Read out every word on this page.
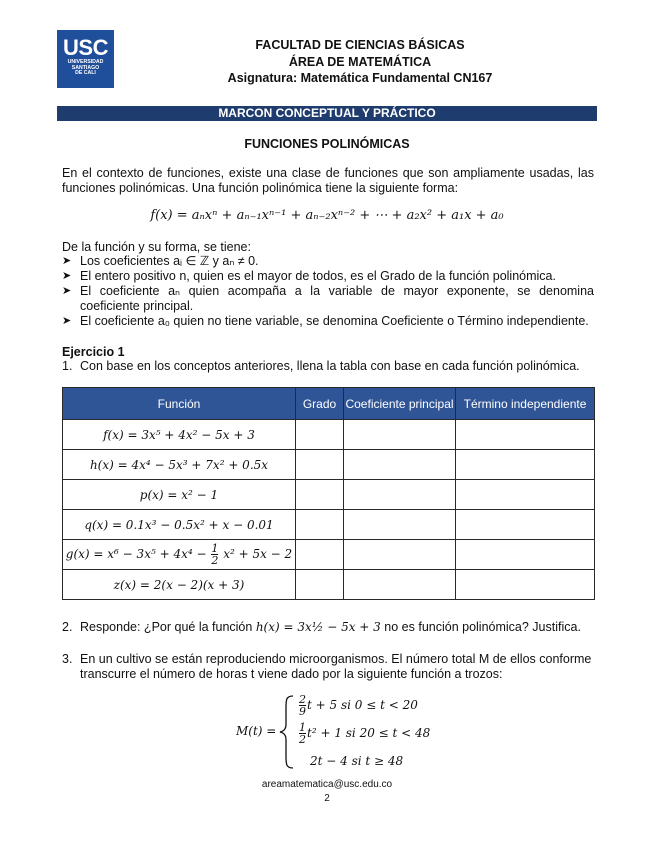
USC
UNIVERSIDAD
SANTIAGO
DE CALI
FACULTAD DE CIENCIAS BÁSICAS
ÁREA DE MATEMÁTICA
Asignatura: Matemática Fundamental CN167
MARCON CONCEPTUAL Y PRÁCTICO
FUNCIONES POLINÓMICAS
En el contexto de funciones, existe una clase de funciones que son ampliamente usadas, las funciones polinómicas. Una función polinómica tiene la siguiente forma:
f(x) = aₙxⁿ + aₙ₋₁xⁿ⁻¹ + aₙ₋₂xⁿ⁻² + ⋯ + a₂x² + a₁x + a₀
De la función y su forma, se tiene:
➤ Los coeficientes aᵢ ∈ ℤ y aₙ ≠ 0.
➤ El entero positivo n, quien es el mayor de todos, es el Grado de la función polinómica.
➤ El coeficiente aₙ quien acompaña a la variable de mayor exponente, se denomina coeficiente principal.
➤ El coeficiente a₀ quien no tiene variable, se denomina Coeficiente o Término independiente.
Ejercicio 1
1. Con base en los conceptos anteriores, llena la tabla con base en cada función polinómica.
Función	Grado	Coeficiente principal	Término independiente
f(x) = 3x⁵ + 4x² − 5x + 3			
h(x) = 4x⁴ − 5x³ + 7x² + 0.5x			
p(x) = x² − 1			
q(x) = 0.1x³ − 0.5x² + x − 0.01			
$g(x) = x^6 - 3x^5 + 4x^4 - \frac{1}{2} x^2 + 5x - 2$			
z(x) = 2(x − 2)(x + 3)			
2. Responde: ¿Por qué la función h(x) = 3x½ − 5x + 3 no es función polinómica? Justifica.
3. En un cultivo se están reproduciendo microorganismos. El número total M de ellos conforme transcurre el número de horas t viene dado por la siguiente función a trozos:
M(t) =
$\frac{2}{9}$ t + 5 si 0 ≤ t < 20
$\frac{1}{2} t^2 + 1$ si 20 ≤ t < 48
2t − 4 si t ≥ 48
areamatematica@usc.edu.co
2
